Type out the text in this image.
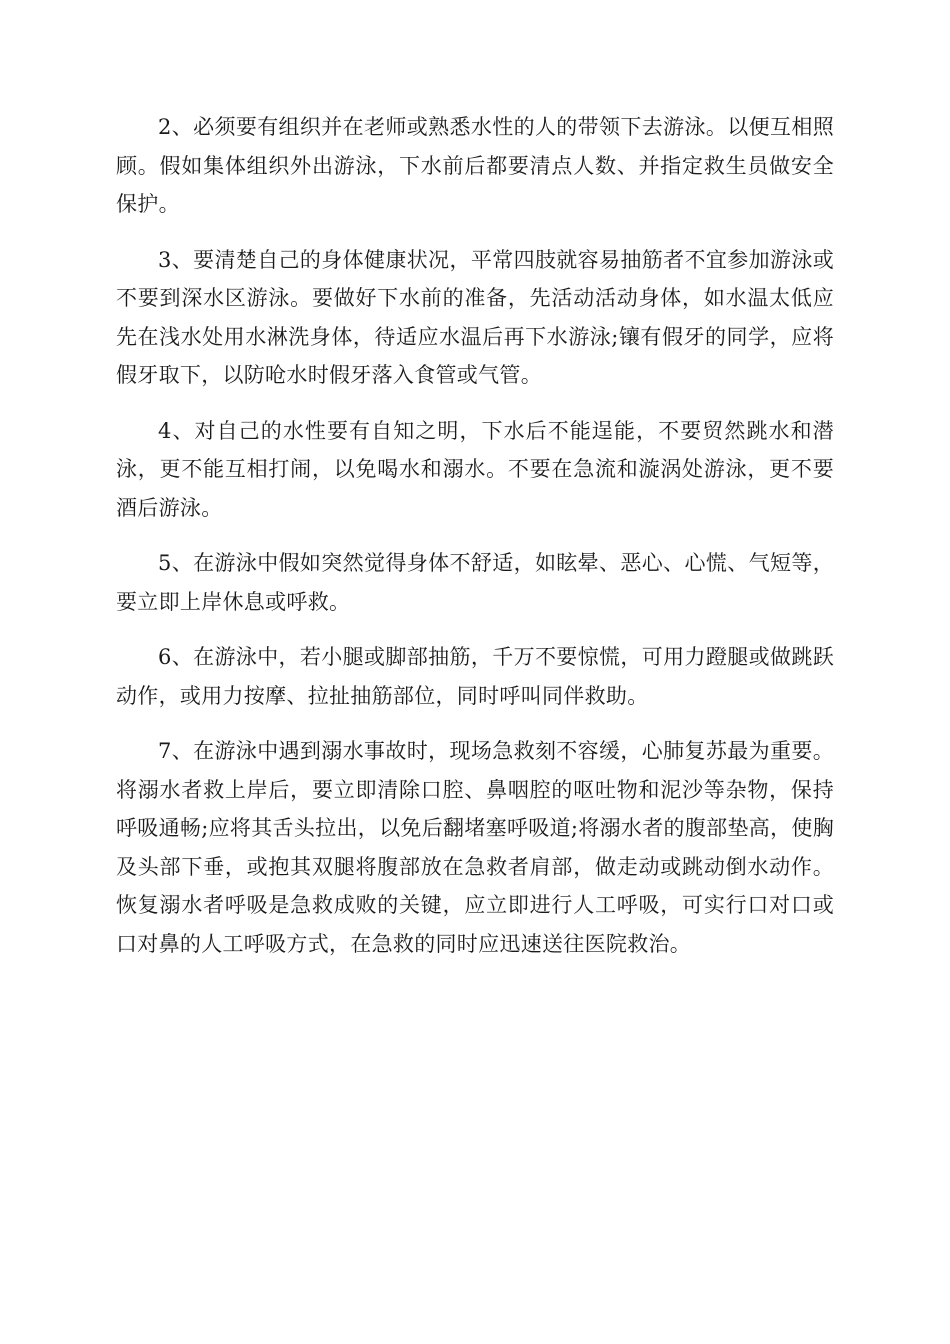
2、必须要有组织并在老师或熟悉水性的人的带领下去游泳。以便互相照顾。假如集体组织外出游泳，下水前后都要清点人数、并指定救生员做安全保护。

3、要清楚自己的身体健康状况，平常四肢就容易抽筋者不宜参加游泳或不要到深水区游泳。要做好下水前的准备，先活动活动身体，如水温太低应先在浅水处用水淋洗身体，待适应水温后再下水游泳;镶有假牙的同学，应将假牙取下，以防呛水时假牙落入食管或气管。

4、对自己的水性要有自知之明，下水后不能逞能，不要贸然跳水和潜泳，更不能互相打闹，以免喝水和溺水。不要在急流和漩涡处游泳，更不要酒后游泳。

5、在游泳中假如突然觉得身体不舒适，如眩晕、恶心、心慌、气短等，要立即上岸休息或呼救。

6、在游泳中，若小腿或脚部抽筋，千万不要惊慌，可用力蹬腿或做跳跃动作，或用力按摩、拉扯抽筋部位，同时呼叫同伴救助。

7、在游泳中遇到溺水事故时，现场急救刻不容缓，心肺复苏最为重要。将溺水者救上岸后，要立即清除口腔、鼻咽腔的呕吐物和泥沙等杂物，保持呼吸通畅;应将其舌头拉出，以免后翻堵塞呼吸道;将溺水者的腹部垫高，使胸及头部下垂，或抱其双腿将腹部放在急救者肩部，做走动或跳动倒水动作。恢复溺水者呼吸是急救成败的关键，应立即进行人工呼吸，可实行口对口或口对鼻的人工呼吸方式，在急救的同时应迅速送往医院救治。
